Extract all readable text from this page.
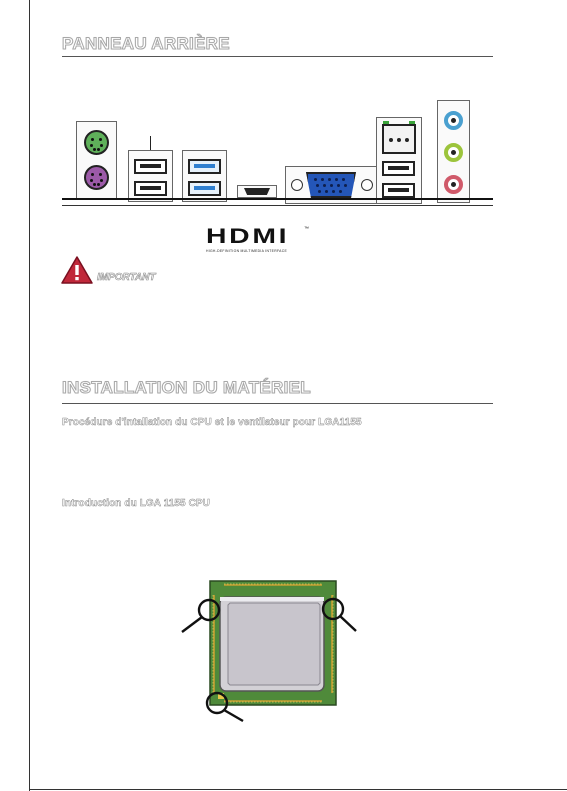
PANNEAU ARRIÈRE
HDMI	™
HIGH-DEFINITION MULTIMEDIA INTERFACE
IMPORTANT
INSTALLATION DU MATÉRIEL
Procédure d'intallation du CPU et le ventilateur pour LGA1155
Introduction du LGA 1155 CPU
